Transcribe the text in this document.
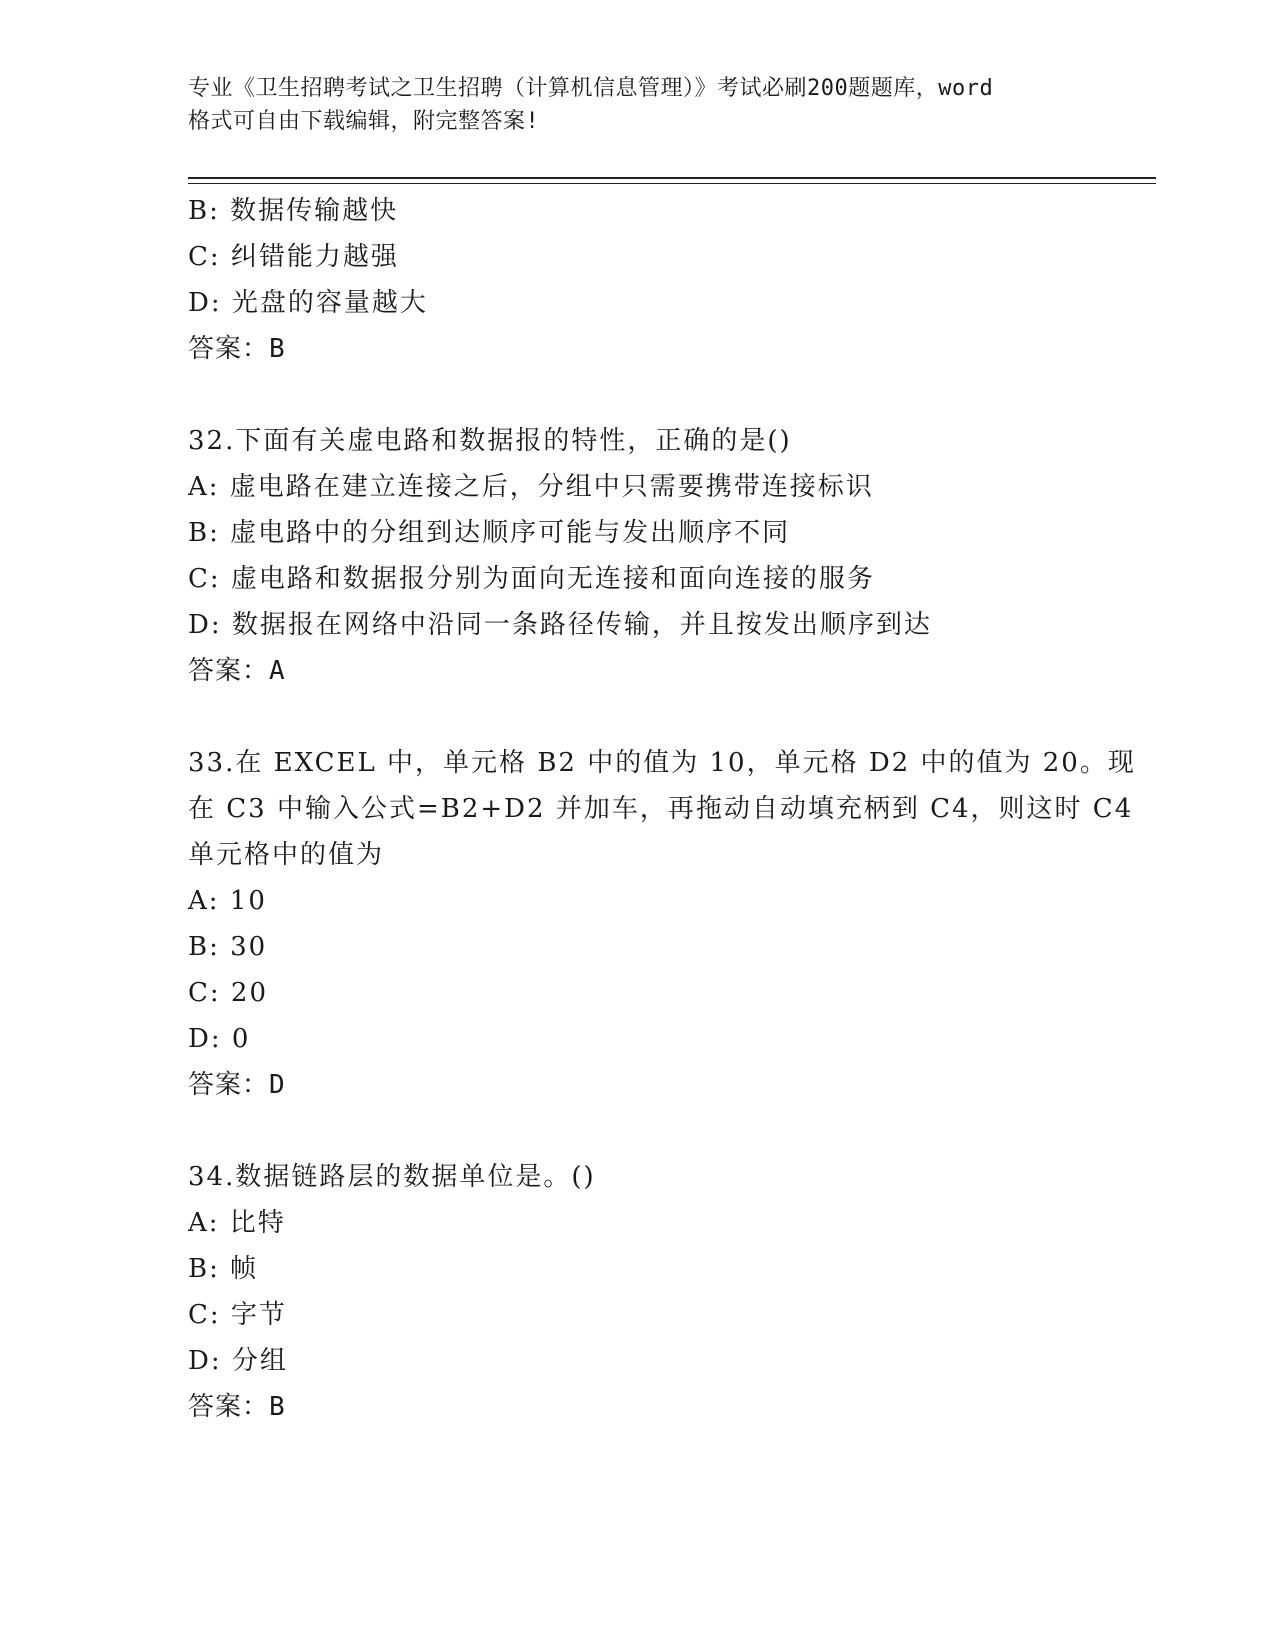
专业《卫生招聘考试之卫生招聘（计算机信息管理）》考试必刷200题题库，word
格式可自由下载编辑，附完整答案!
B: 数据传输越快
C: 纠错能力越强
D: 光盘的容量越大
答案：B
32.下面有关虚电路和数据报的特性，正确的是()
A: 虚电路在建立连接之后，分组中只需要携带连接标识
B: 虚电路中的分组到达顺序可能与发出顺序不同
C: 虚电路和数据报分别为面向无连接和面向连接的服务
D: 数据报在网络中沿同一条路径传输，并且按发出顺序到达
答案：A
33.在 EXCEL 中，单元格 B2 中的值为 10，单元格 D2 中的值为 20。现
在 C3 中输入公式=B2+D2 并加车，再拖动自动填充柄到 C4，则这时 C4
单元格中的值为
A: 10
B: 30
C: 20
D: 0
答案：D
34.数据链路层的数据单位是。()
A: 比特
B: 帧
C: 字节
D: 分组
答案：B
